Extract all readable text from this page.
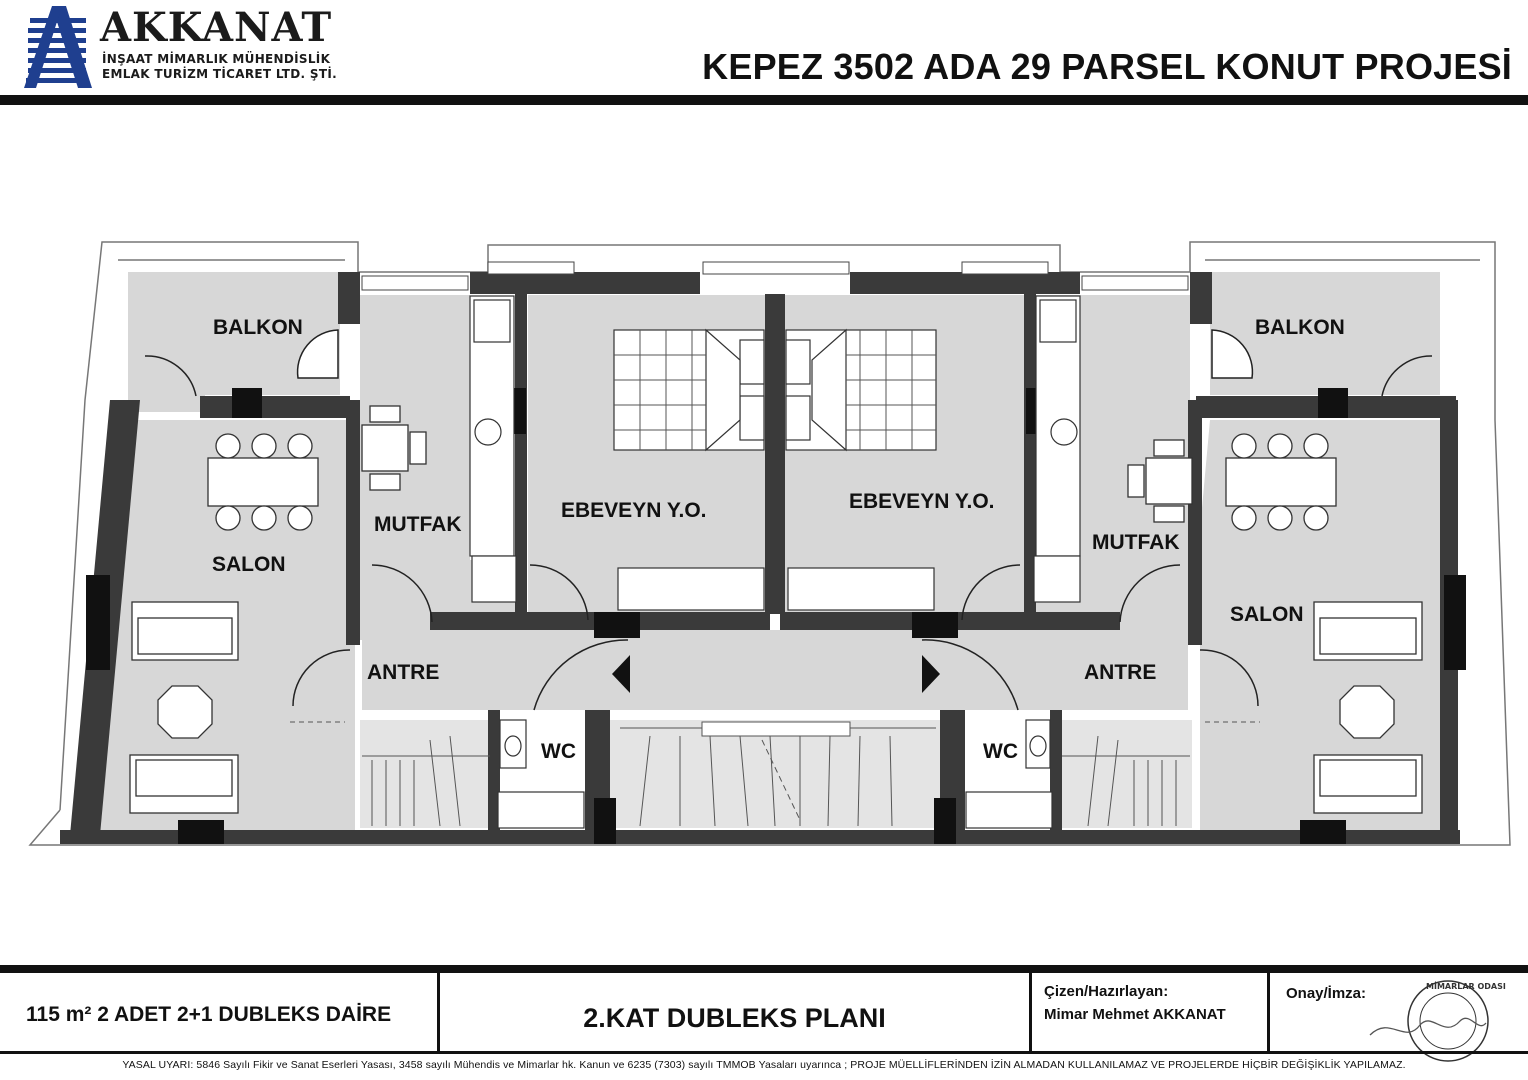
AKKANAT
İNŞAAT MİMARLIK MÜHENDİSLİK
EMLAK TURİZM TİCARET LTD. ŞTİ.	KEPEZ 3502 ADA 29 PARSEL KONUT PROJESİ
BALKON	BALKON
SALON
SALON
MUTFAK
MUTFAK
EBEVEYN Y.O.	EBEVEYN Y.O.
ANTRE	ANTRE
WC	WC
115 m² 2 ADET 2+1 DUBLEKS DAİRE	2.KAT DUBLEKS PLANI
Çizen/Hazırlayan:
Mimar Mehmet AKKANAT
Onay/İmza:	MİMARLAR ODASI
YASAL UYARI: 5846 Sayılı Fikir ve Sanat Eserleri Yasası, 3458 sayılı Mühendis ve Mimarlar hk. Kanun ve 6235 (7303) sayılı TMMOB Yasaları uyarınca ; PROJE MÜELLİFLERİNDEN İZİN ALMADAN KULLANILAMAZ VE PROJELERDE HİÇBİR DEĞİŞİKLİK YAPILAMAZ.
